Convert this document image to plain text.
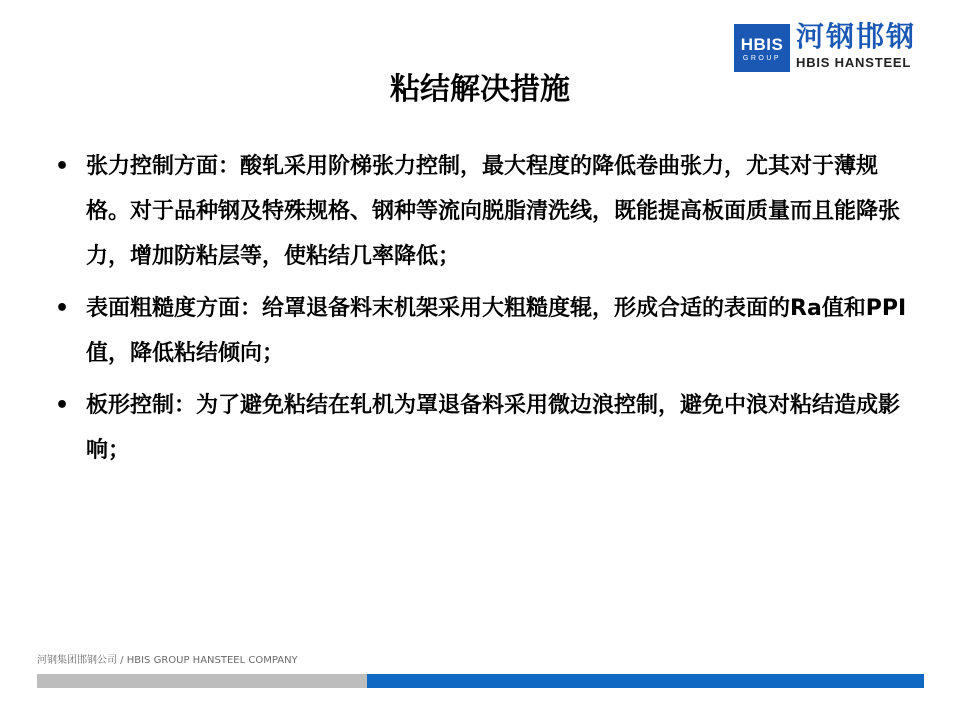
HBIS
GROUP
河钢邯钢
HBIS HANSTEEL
粘结解决措施
• 张力控制方面：酸轧采用阶梯张力控制，最大程度的降低卷曲张力，尤其对于薄规格。对于品种钢及特殊规格、钢种等流向脱脂清洗线，既能提高板面质量而且能降张力，增加防粘层等，使粘结几率降低；
• 表面粗糙度方面：给罩退备料末机架采用大粗糙度辊，形成合适的表面的Ra值和PPI值，降低粘结倾向；
• 板形控制：为了避免粘结在轧机为罩退备料采用微边浪控制，避免中浪对粘结造成影响；
河钢集团邯钢公司 / HBIS GROUP HANSTEEL COMPANY
